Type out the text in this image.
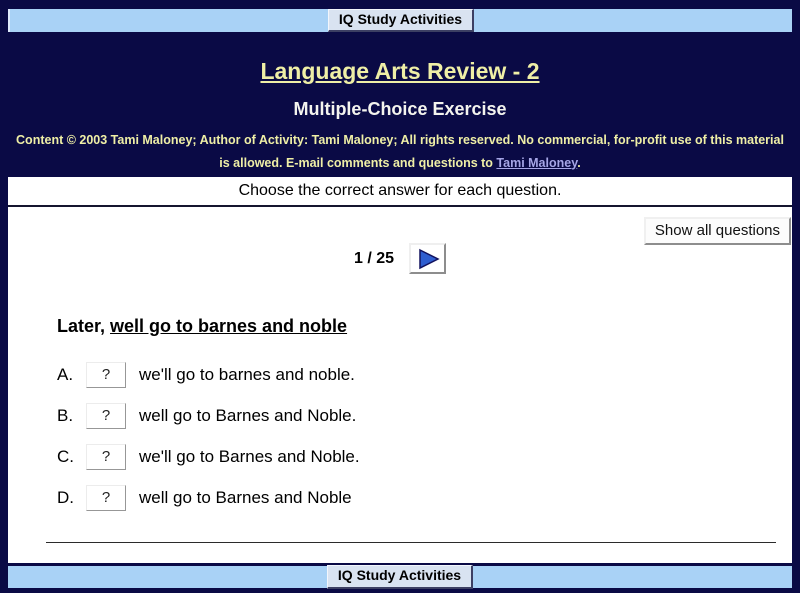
IQ Study Activities
Language Arts Review - 2
Multiple-Choice Exercise

Content © 2003 Tami Maloney; Author of Activity: Tami Maloney; All rights reserved. No commercial, for-profit use of this material is allowed. E-mail comments and questions to Tami Maloney.

Choose the correct answer for each question.
Show all questions
1 / 25
Later, well go to barnes and noble
A.	?	we'll go to barnes and noble.
B.	?	well go to Barnes and Noble.
C.	?	we'll go to Barnes and Noble.
D.	?	well go to Barnes and Noble
IQ Study Activities
